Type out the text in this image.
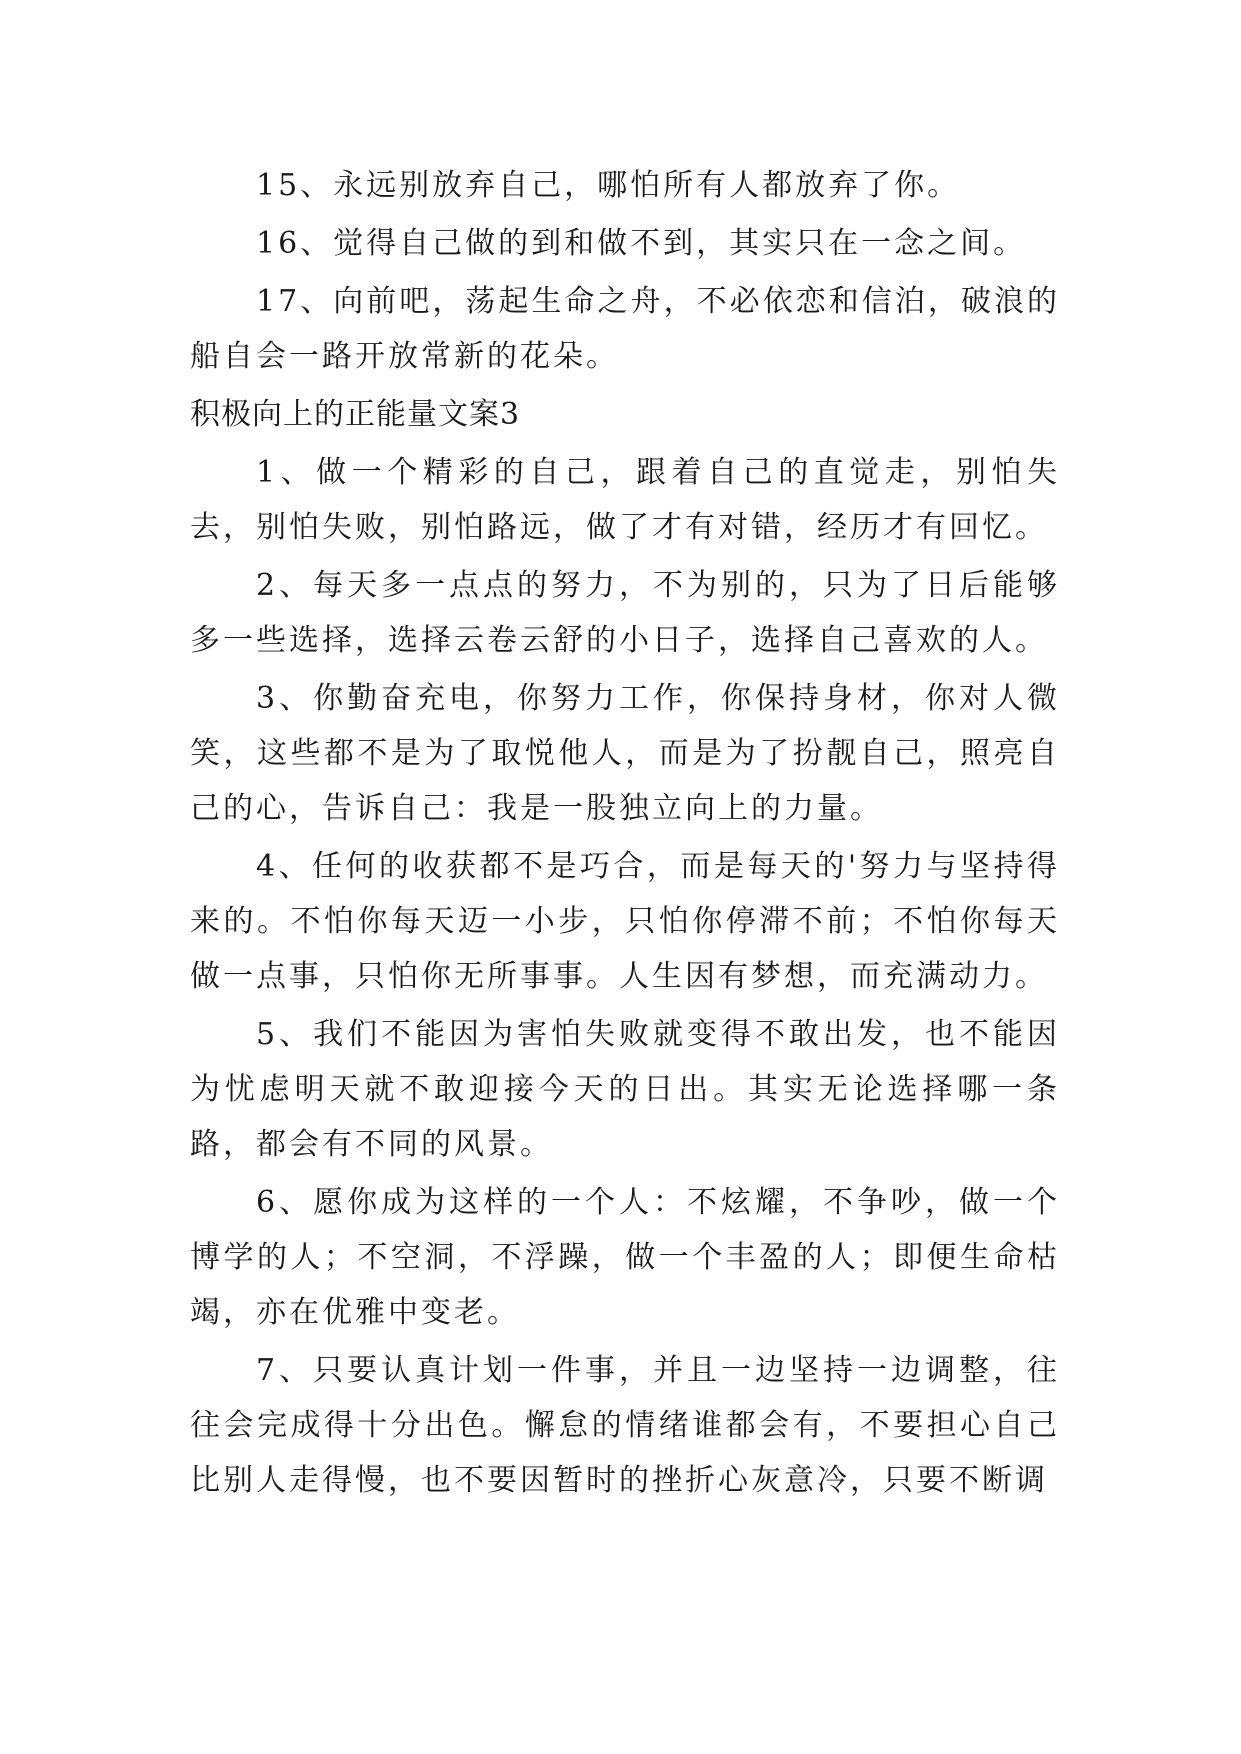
15、永远别放弃自己，哪怕所有人都放弃了你。

16、觉得自己做的到和做不到，其实只在一念之间。

17、向前吧，荡起生命之舟，不必依恋和信泊，破浪的船自会一路开放常新的花朵。

积极向上的正能量文案3

1、做一个精彩的自己，跟着自己的直觉走，别怕失去，别怕失败，别怕路远，做了才有对错，经历才有回忆。

2、每天多一点点的努力，不为别的，只为了日后能够多一些选择，选择云卷云舒的小日子，选择自己喜欢的人。

3、你勤奋充电，你努力工作，你保持身材，你对人微笑，这些都不是为了取悦他人，而是为了扮靓自己，照亮自己的心，告诉自己：我是一股独立向上的力量。

4、任何的收获都不是巧合，而是每天的'努力与坚持得来的。不怕你每天迈一小步，只怕你停滞不前；不怕你每天做一点事，只怕你无所事事。人生因有梦想，而充满动力。

5、我们不能因为害怕失败就变得不敢出发，也不能因为忧虑明天就不敢迎接今天的日出。其实无论选择哪一条路，都会有不同的风景。

6、愿你成为这样的一个人：不炫耀，不争吵，做一个博学的人；不空洞，不浮躁，做一个丰盈的人；即便生命枯竭，亦在优雅中变老。

7、只要认真计划一件事，并且一边坚持一边调整，往往会完成得十分出色。懈怠的情绪谁都会有，不要担心自己比别人走得慢，也不要因暂时的挫折心灰意冷，只要不断调
